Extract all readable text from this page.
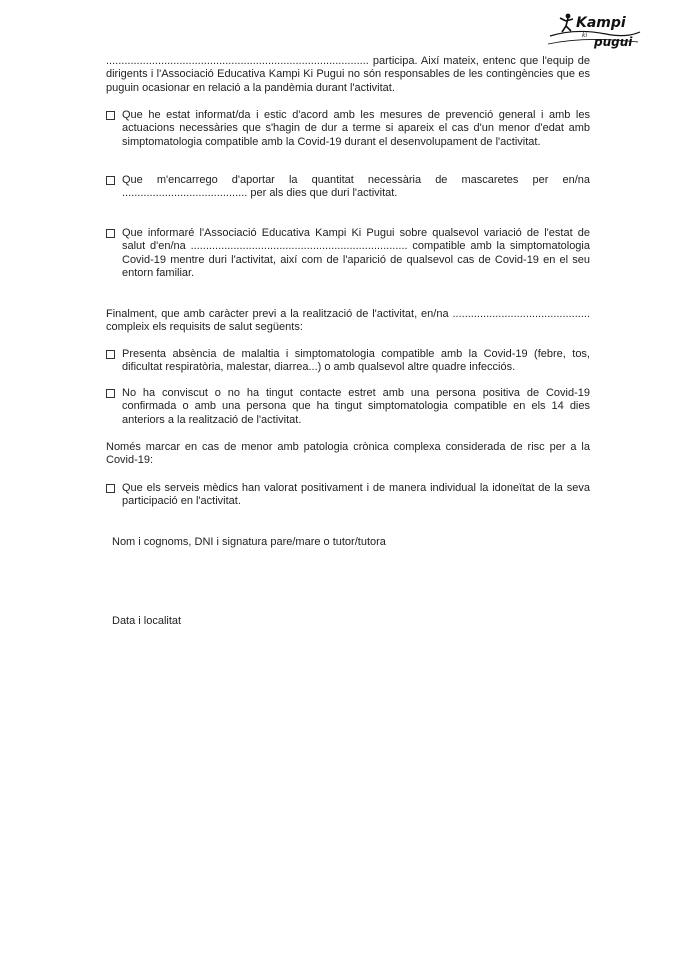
Kampi
ki pugui
...................................................................................... participa. Així mateix, entenc que l'equip de dirigents i l'Associació Educativa Kampi Ki Pugui no són responsables de les contingències que es puguin ocasionar en relació a la pandèmia durant l'activitat.
Que he estat informat/da i estic d'acord amb les mesures de prevenció general i amb les actuacions necessàries que s'hagin de dur a terme si apareix el cas d'un menor d'edat amb simptomatologia compatible amb la Covid-19 durant el desenvolupament de l'activitat.
Que m'encarrego d'aportar la quantitat necessària de mascaretes per en/na ......................................... per als dies que duri l'activitat.
Que informaré l'Associació Educativa Kampi Ki Pugui sobre qualsevol variació de l'estat de salut d'en/na ....................................................................... compatible amb la simptomatologia Covid-19 mentre duri l'activitat, així com de l'aparició de qualsevol cas de Covid-19 en el seu entorn familiar.
Finalment, que amb caràcter previ a la realització de l'activitat, en/na ............................................. compleix els requisits de salut següents:
Presenta absència de malaltia i simptomatologia compatible amb la Covid-19 (febre, tos, dificultat respiratòria, malestar, diarrea...) o amb qualsevol altre quadre infecciós.
No ha conviscut o no ha tingut contacte estret amb una persona positiva de Covid-19 confirmada o amb una persona que ha tingut simptomatologia compatible en els 14 dies anteriors a la realització de l'activitat.
Només marcar en cas de menor amb patologia crònica complexa considerada de risc per a la Covid-19:
Que els serveis mèdics han valorat positivament i de manera individual la idoneïtat de la seva participació en l'activitat.
Nom i cognoms, DNI i signatura pare/mare o tutor/tutora
Data i localitat
